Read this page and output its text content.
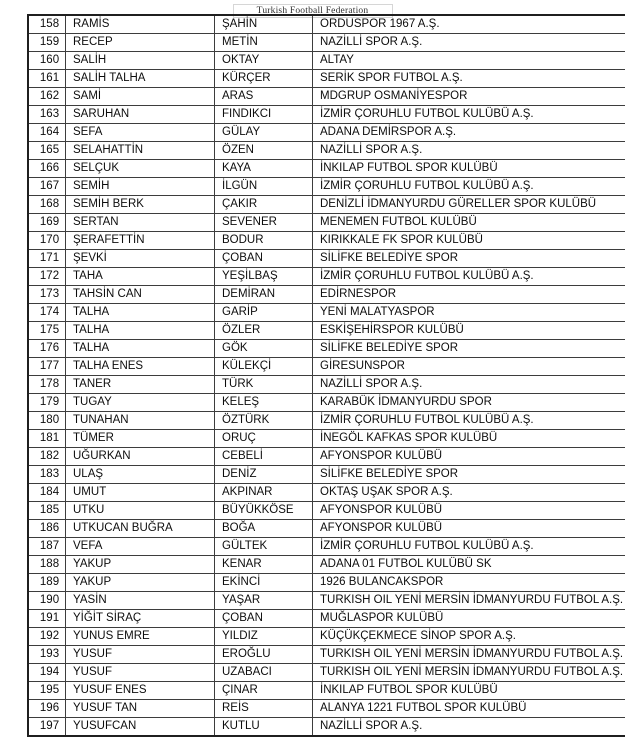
Turkish Football Federation
158	RAMİS	ŞAHİN	ORDUSPOR 1967 A.Ş.
159	RECEP	METİN	NAZİLLİ SPOR A.Ş.
160	SALİH	OKTAY	ALTAY
161	SALİH TALHA	KÜRÇER	SERİK SPOR FUTBOL A.Ş.
162	SAMİ	ARAS	MDGRUP OSMANİYESPOR
163	SARUHAN	FINDIKCI	İZMİR ÇORUHLU FUTBOL KULÜBÜ A.Ş.
164	SEFA	GÜLAY	ADANA DEMİRSPOR A.Ş.
165	SELAHATTİN	ÖZEN	NAZİLLİ SPOR A.Ş.
166	SELÇUK	KAYA	İNKILAP FUTBOL SPOR KULÜBÜ
167	SEMİH	İLGÜN	İZMİR ÇORUHLU FUTBOL KULÜBÜ A.Ş.
168	SEMİH BERK	ÇAKIR	DENİZLİ İDMANYURDU GÜRELLER SPOR KULÜBÜ
169	SERTAN	SEVENER	MENEMEN FUTBOL KULÜBÜ
170	ŞERAFETTİN	BODUR	KIRIKKALE FK SPOR KULÜBÜ
171	ŞEVKİ	ÇOBAN	SİLİFKE BELEDİYE SPOR
172	TAHA	YEŞİLBAŞ	İZMİR ÇORUHLU FUTBOL KULÜBÜ A.Ş.
173	TAHSİN CAN	DEMİRAN	EDİRNESPOR
174	TALHA	GARİP	YENİ MALATYASPOR
175	TALHA	ÖZLER	ESKİŞEHİRSPOR KULÜBÜ
176	TALHA	GÖK	SİLİFKE BELEDİYE SPOR
177	TALHA ENES	KÜLEKÇİ	GİRESUNSPOR
178	TANER	TÜRK	NAZİLLİ SPOR A.Ş.
179	TUGAY	KELEŞ	KARABÜK İDMANYURDU SPOR
180	TUNAHAN	ÖZTÜRK	İZMİR ÇORUHLU FUTBOL KULÜBÜ A.Ş.
181	TÜMER	ORUÇ	İNEGÖL KAFKAS SPOR KULÜBÜ
182	UĞURKAN	CEBELİ	AFYONSPOR KULÜBÜ
183	ULAŞ	DENİZ	SİLİFKE BELEDİYE SPOR
184	UMUT	AKPINAR	OKTAŞ UŞAK SPOR A.Ş.
185	UTKU	BÜYÜKKÖSE	AFYONSPOR KULÜBÜ
186	UTKUCAN BUĞRA	BOĞA	AFYONSPOR KULÜBÜ
187	VEFA	GÜLTEK	İZMİR ÇORUHLU FUTBOL KULÜBÜ A.Ş.
188	YAKUP	KENAR	ADANA 01 FUTBOL KULÜBÜ SK
189	YAKUP	EKİNCİ	1926 BULANCAKSPOR
190	YASİN	YAŞAR	TURKISH OIL YENİ MERSİN İDMANYURDU FUTBOL A.Ş.
191	YİĞİT SİRAÇ	ÇOBAN	MUĞLASPOR KULÜBÜ
192	YUNUS EMRE	YILDIZ	KÜÇÜKÇEKMECE SİNOP SPOR A.Ş.
193	YUSUF	EROĞLU	TURKISH OIL YENİ MERSİN İDMANYURDU FUTBOL A.Ş.
194	YUSUF	UZABACI	TURKISH OIL YENİ MERSİN İDMANYURDU FUTBOL A.Ş.
195	YUSUF ENES	ÇINAR	İNKILAP FUTBOL SPOR KULÜBÜ
196	YUSUF TAN	REİS	ALANYA 1221 FUTBOL SPOR KULÜBÜ
197	YUSUFCAN	KUTLU	NAZİLLİ SPOR A.Ş.
